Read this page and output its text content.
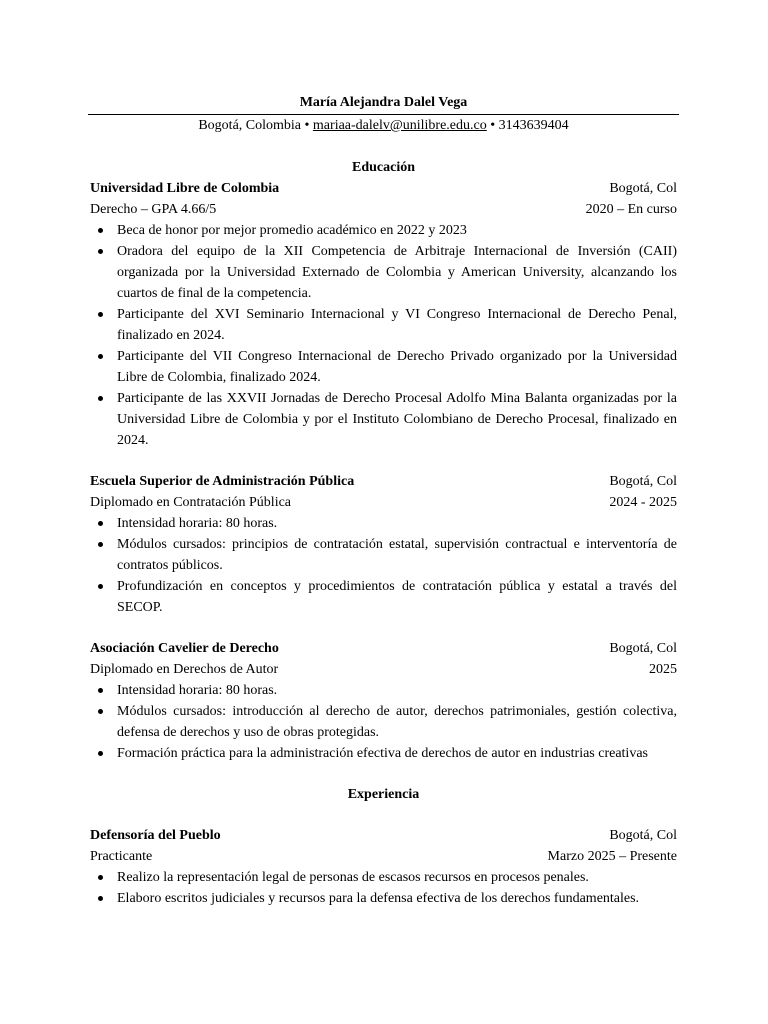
María Alejandra Dalel Vega
Bogotá, Colombia • mariaa-dalelv@unilibre.edu.co • 3143639404
Educación
Universidad Libre de Colombia	Bogotá, Col
Derecho – GPA 4.66/5	2020 – En curso
Beca de honor por mejor promedio académico en 2022 y 2023
Oradora del equipo de la XII Competencia de Arbitraje Internacional de Inversión (CAII) organizada por la Universidad Externado de Colombia y American University, alcanzando los cuartos de final de la competencia.
Participante del XVI Seminario Internacional y VI Congreso Internacional de Derecho Penal, finalizado en 2024.
Participante del VII Congreso Internacional de Derecho Privado organizado por la Universidad Libre de Colombia, finalizado 2024.
Participante de las XXVII Jornadas de Derecho Procesal Adolfo Mina Balanta organizadas por la Universidad Libre de Colombia y por el Instituto Colombiano de Derecho Procesal, finalizado en 2024.
Escuela Superior de Administración Pública	Bogotá, Col
Diplomado en Contratación Pública	2024 - 2025
Intensidad horaria: 80 horas.
Módulos cursados: principios de contratación estatal, supervisión contractual e interventoría de contratos públicos.
Profundización en conceptos y procedimientos de contratación pública y estatal a través del SECOP.
Asociación Cavelier de Derecho	Bogotá, Col
Diplomado en Derechos de Autor	2025
Intensidad horaria: 80 horas.
Módulos cursados: introducción al derecho de autor, derechos patrimoniales, gestión colectiva, defensa de derechos y uso de obras protegidas.
Formación práctica para la administración efectiva de derechos de autor en industrias creativas
Experiencia
Defensoría del Pueblo	Bogotá, Col
Practicante	Marzo 2025 – Presente
Realizo la representación legal de personas de escasos recursos en procesos penales.
Elaboro escritos judiciales y recursos para la defensa efectiva de los derechos fundamentales.
